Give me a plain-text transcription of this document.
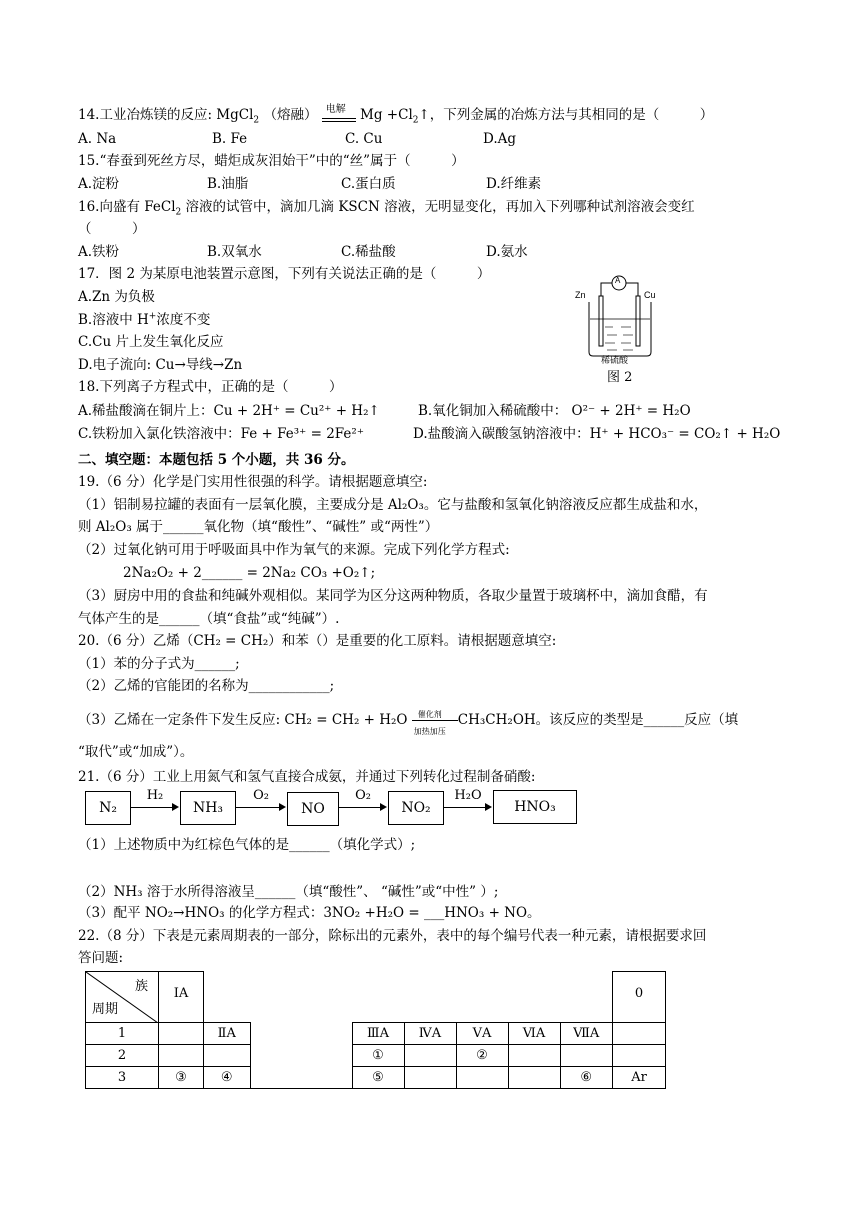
14.工业冶炼镁的反应: MgCl$_2$ （熔融） 电解 $Mg +Cl_2↑$，下列金属的冶炼方法与其相同的是（　　　）
A. Na	B. Fe	C. Cu	D.Ag
15.“春蚕到死丝方尽，蜡炬成灰泪始干”中的“丝”属于（　　　）
A.淀粉	B.油脂	C.蛋白质	D.纤维素
16.向盛有 FeCl$_2$ 溶液的试管中，滴加几滴 KSCN 溶液，无明显变化，再加入下列哪种试剂溶液会变红
（　　　）
A.铁粉	B.双氧水	C.稀盐酸	D.氨水
17．图 2 为某原电池装置示意图，下列有关说法正确的是（　　　）
A.Zn 为负极
B.溶液中 H+浓度不变
C.Cu 片上发生氧化反应
D.电子流向: Cu→导线→Zn
A
Zn	Cu
稀硫酸
图 2
18.下列离子方程式中，正确的是（　　　）
A.稀盐酸滴在铜片上：Cu + 2H⁺ = Cu²⁺ + H₂↑	B.氧化铜加入稀硫酸中： O²⁻ + 2H⁺ = H₂O
C.铁粉加入氯化铁溶液中：Fe + Fe³⁺ = 2Fe²⁺	D.盐酸滴入碳酸氢钠溶液中：H⁺ + HCO₃⁻ = CO₂↑ + H₂O
二、填空题：本题包括 5 个小题，共 36 分。
19.（6 分）化学是门实用性很强的科学。请根据题意填空:
（1）铝制易拉罐的表面有一层氧化膜，主要成分是 Al₂O₃。它与盐酸和氢氧化钠溶液反应都生成盐和水，
则 Al₂O₃ 属于______氧化物（填“酸性”、“碱性” 或“两性”）
（2）过氧化钠可用于呼吸面具中作为氧气的来源。完成下列化学方程式:
2Na₂O₂ + 2______ = 2Na₂ CO₃ +O₂↑;
（3）厨房中用的食盐和纯碱外观相似。某同学为区分这两种物质，各取少量置于玻璃杯中，滴加食醋，有
气体产生的是______（填“食盐”或“纯碱”）.
20.（6 分）乙烯（CH₂ = CH₂）和苯（）是重要的化工原料。请根据题意填空:
（1）苯的分子式为______;
（2）乙烯的官能团的名称为____________;
（3）乙烯在一定条件下发生反应: CH₂ = CH₂ + H₂O 催化剂
加热加压
CH₃CH₂OH。该反应的类型是______反应（填
“取代”或“加成”）。
21.（6 分）工业上用氮气和氢气直接合成氨，并通过下列转化过程制备硝酸:
N₂	NH₃	NO	NO₂	HNO₃
H₂	O₂	O₂	H₂O
（1）上述物质中为红棕色气体的是______（填化学式）;
（2）NH₃ 溶于水所得溶液呈______（填“酸性”、 “碱性”或“中性” ）;
（3）配平 NO₂→HNO₃ 的化学方程式：3NO₂ +H₂O = ___HNO₃ + NO。
22.（8 分）下表是元素周期表的一部分，除标出的元素外，表中的每个编号代表一种元素，请根据要求回
答问题:
族
周期	IA								0
1		ⅡA		ⅢA	ⅣA	ⅤA	ⅥA	ⅦA	
2				①		②			
3	③	④		⑤				⑥	Ar
